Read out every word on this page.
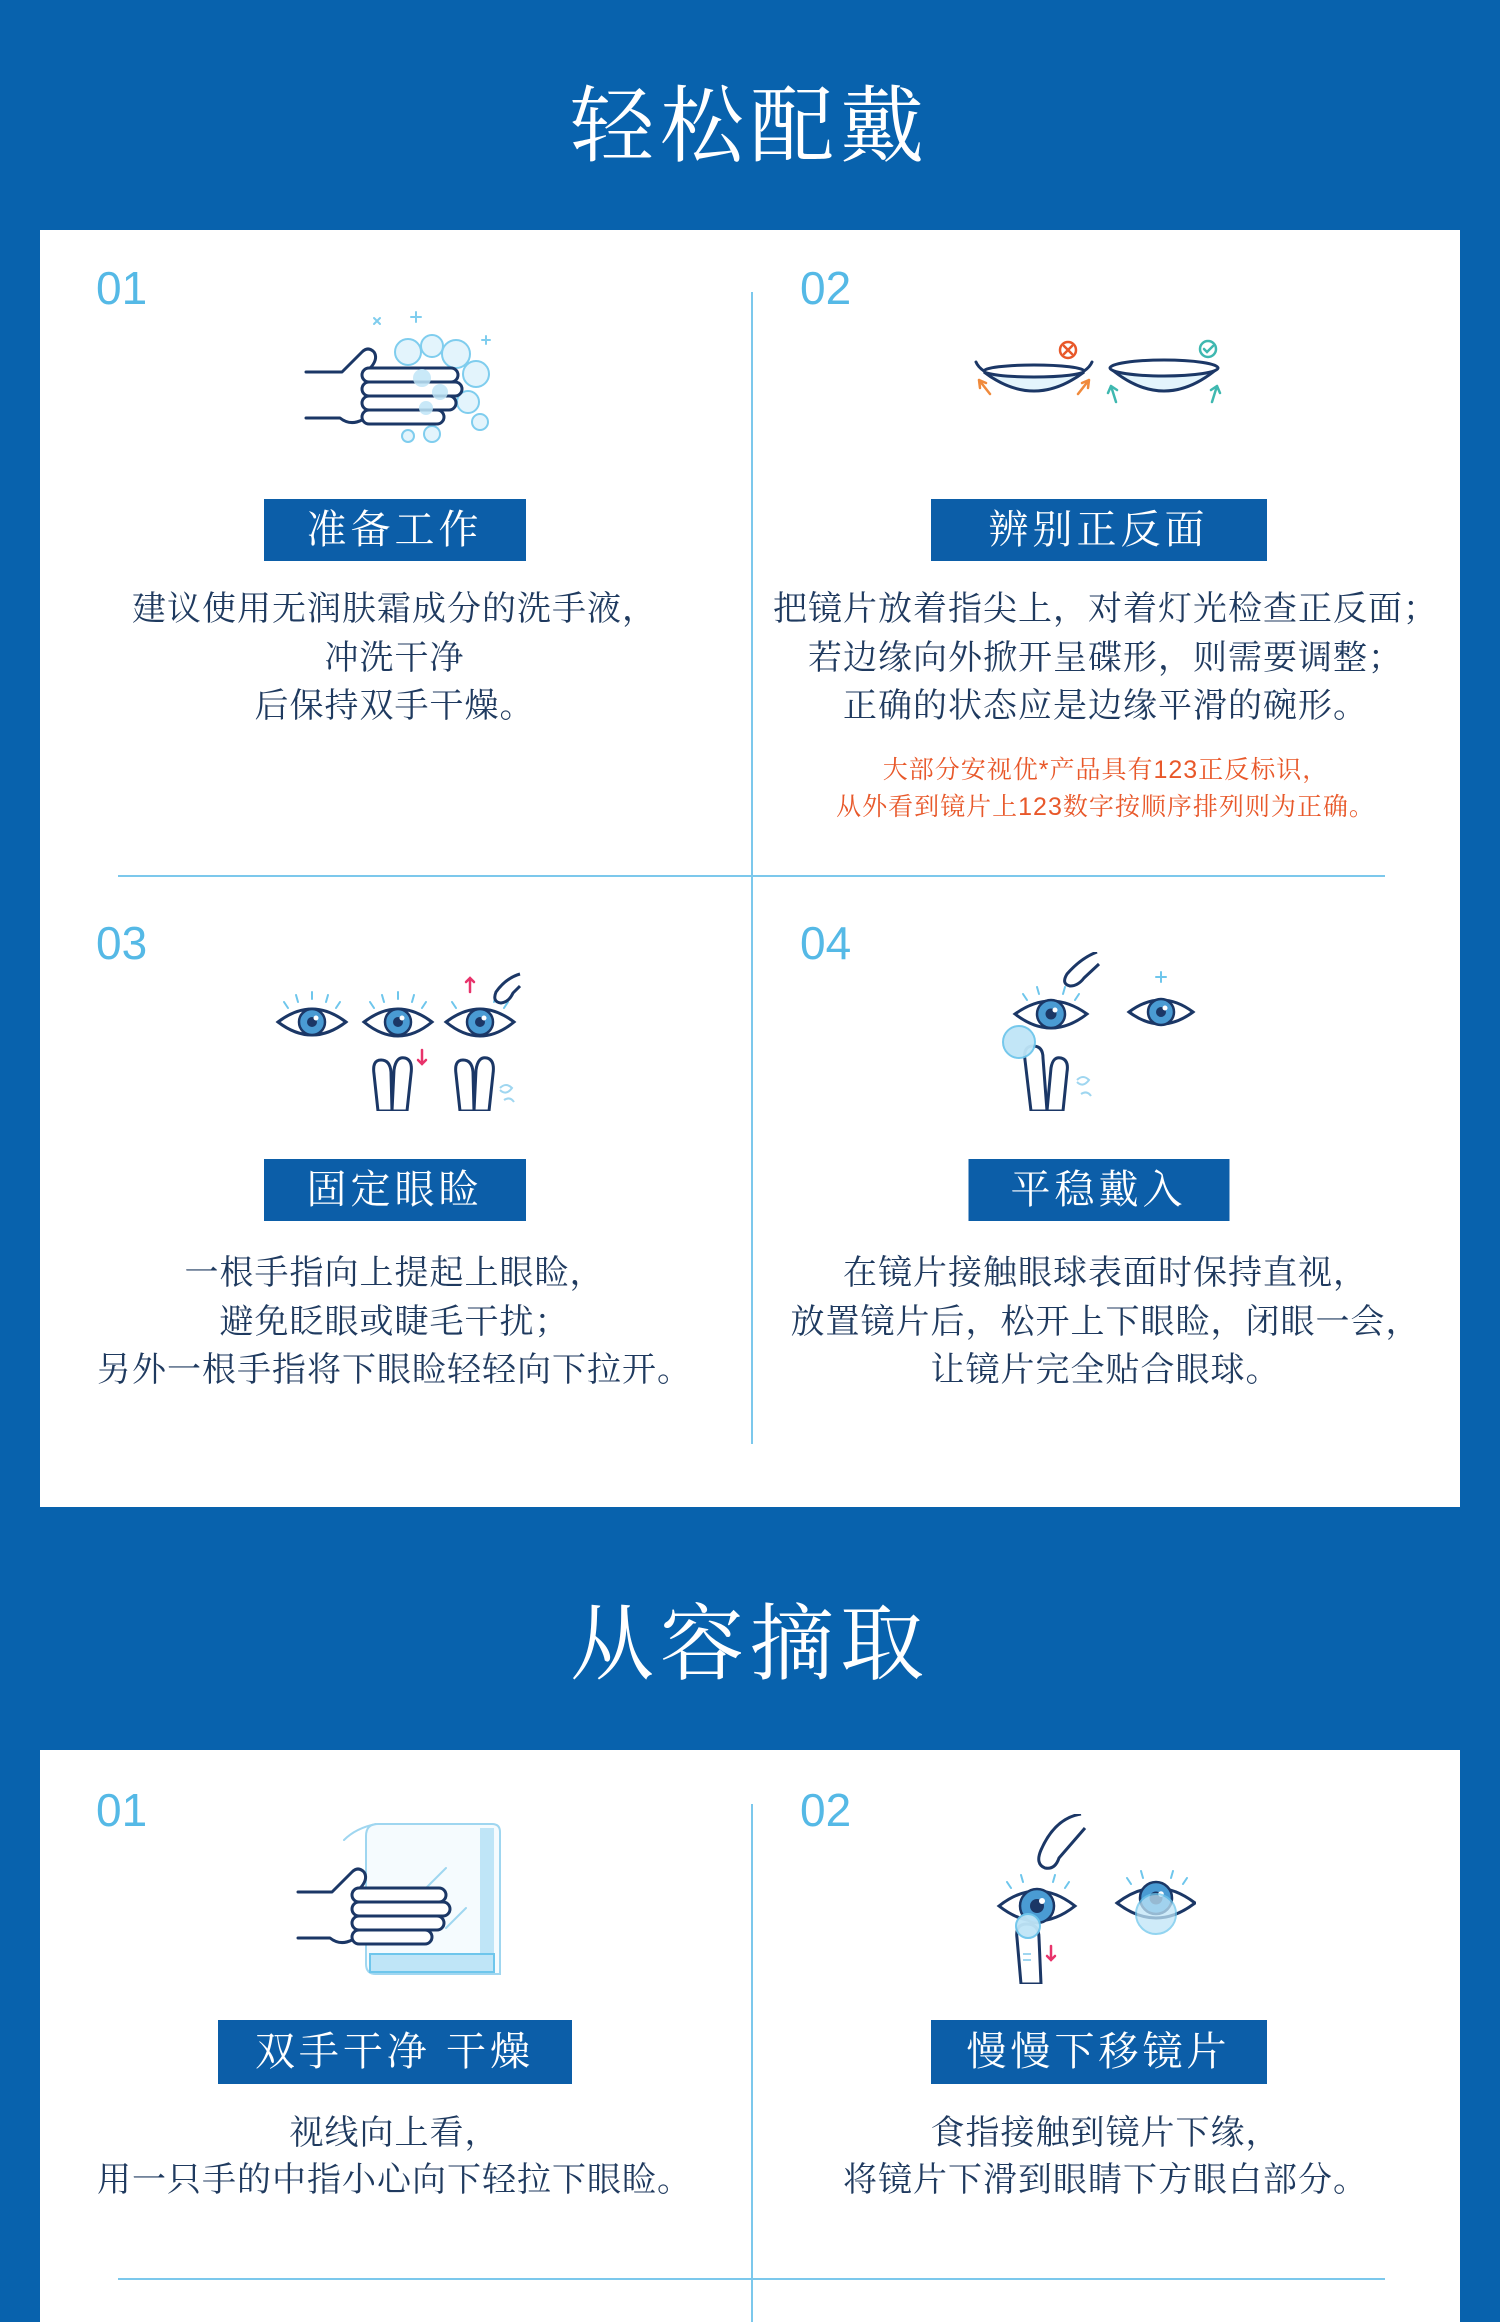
轻松配戴
01
准备工作
建议使用无润肤霜成分的洗手液，
冲洗干净
后保持双手干燥。
02
辨别正反面
把镜片放着指尖上，对着灯光检查正反面；
若边缘向外掀开呈碟形，则需要调整；
正确的状态应是边缘平滑的碗形。
大部分安视优*产品具有123正反标识，
从外看到镜片上123数字按顺序排列则为正确。
03
固定眼睑
一根手指向上提起上眼睑，
避免眨眼或睫毛干扰；
另外一根手指将下眼睑轻轻向下拉开。
04
平稳戴入
在镜片接触眼球表面时保持直视，
放置镜片后，松开上下眼睑，闭眼一会，
让镜片完全贴合眼球。
从容摘取
01
双手干净 干燥
视线向上看，
用一只手的中指小心向下轻拉下眼睑。
02
慢慢下移镜片
食指接触到镜片下缘，
将镜片下滑到眼睛下方眼白部分。
